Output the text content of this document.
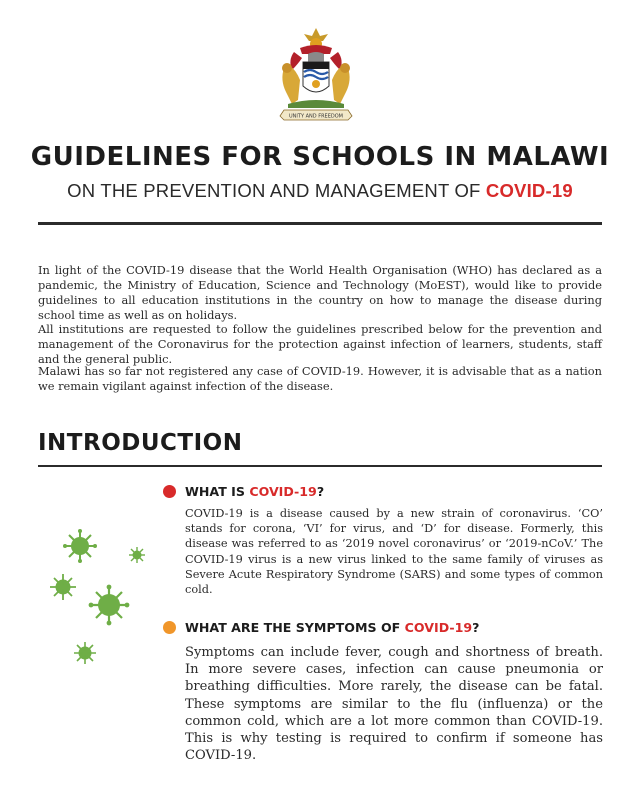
UNITY AND FREEDOM
GUIDELINES FOR SCHOOLS IN MALAWI
ON THE PREVENTION AND MANAGEMENT OF COVID-19

In light of the COVID-19 disease that the World Health Organisation (WHO) has declared as a pandemic, the Ministry of Education, Science and Technology (MoEST), would like to provide guidelines to all education institutions in the country on how to manage the disease during school time as well as on holidays.

All institutions are requested to follow the guidelines prescribed below for the prevention and management of the Coronavirus for the protection against infection of learners, students, staff and the general public.

Malawi has so far not registered any case of COVID-19. However, it is advisable that as a nation we remain vigilant against infection of the disease.

INTRODUCTION
WHAT IS COVID-19?

COVID-19 is a disease caused by a new strain of coronavirus. ‘CO’ stands for corona, ‘VI’ for virus, and ‘D’ for disease. Formerly, this disease was referred to as ‘2019 novel coronavirus’ or ‘2019-nCoV.’ The COVID-19 virus is a new virus linked to the same family of viruses as Severe Acute Respiratory Syndrome (SARS) and some types of common cold.

WHAT ARE THE SYMPTOMS OF COVID-19?

Symptoms can include fever, cough and shortness of breath. In more severe cases, infection can cause pneumonia or breathing difficulties. More rarely, the disease can be fatal. These symptoms are similar to the flu (influenza) or the common cold, which are a lot more common than COVID-19. This is why testing is required to confirm if someone has COVID-19.
